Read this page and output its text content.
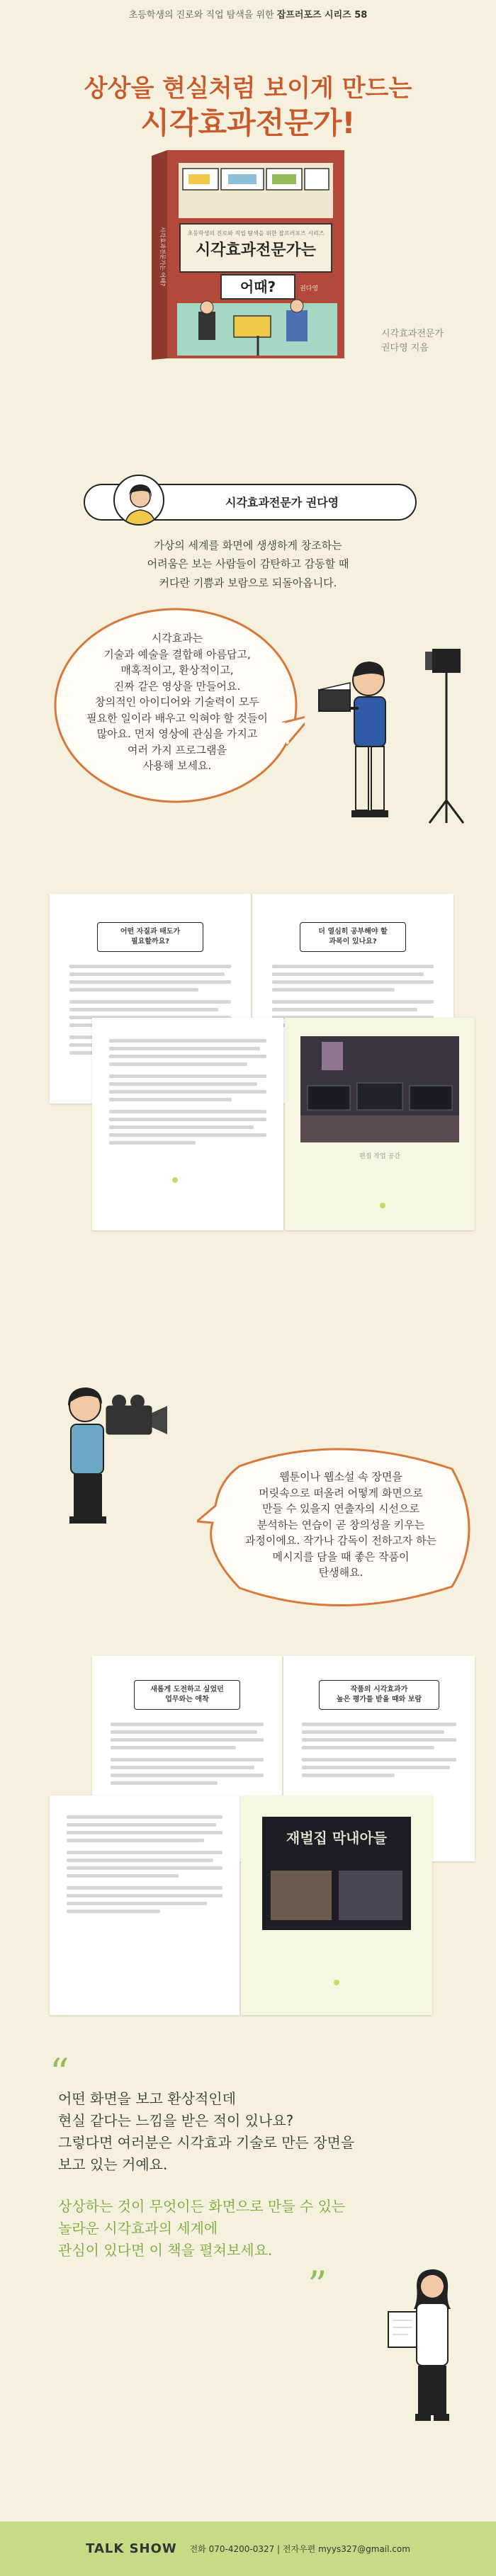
초등학생의 진로와 직업 탐색을 위한 잡프러포즈 시리즈 58
상상을 현실처럼 보이게 만드는
시각효과전문가!
초등학생의 진로와 직업 탐색을 위한 잡프러포즈 시리즈
시각효과전문가는
어때?	권다영
시각효과전문가는 어때?
시각효과전문가
권다영 지음
시각효과전문가 권다영
가상의 세계를 화면에 생생하게 창조하는
어려움은 보는 사람들이 감탄하고 감동할 때
커다란 기쁨과 보람으로 되돌아옵니다.
시각효과는
기술과 예술을 결합해 아름답고,
매혹적이고, 환상적이고,
진짜 같은 영상을 만들어요.
창의적인 아이디어와 기술력이 모두
필요한 일이라 배우고 익혀야 할 것들이
많아요. 먼저 영상에 관심을 가지고
여러 가지 프로그램을
사용해 보세요.
어떤 자질과 태도가
필요할까요?
더 열심히 공부해야 할
과목이 있나요?
편집 작업 공간
웹툰이나 웹소설 속 장면을
머릿속으로 떠올려 어떻게 화면으로
만들 수 있을지 연출자의 시선으로
분석하는 연습이 곧 창의성을 키우는
과정이에요. 작가나 감독이 전하고자 하는
메시지를 담을 때 좋은 작품이
탄생해요.
새롭게 도전하고 싶었던
업무와는 애착
작품의 시각효과가
높은 평가를 받을 때와 보람
재벌집 막내아들
“
어떤 화면을 보고 환상적인데
현실 같다는 느낌을 받은 적이 있나요?
그렇다면 여러분은 시각효과 기술로 만든 장면을
보고 있는 거예요.
상상하는 것이 무엇이든 화면으로 만들 수 있는
놀라운 시각효과의 세계에
관심이 있다면 이 책을 펼쳐보세요.
”
TALK SHOW 전화 070-4200-0327 | 전자우편 myys327@gmail.com
